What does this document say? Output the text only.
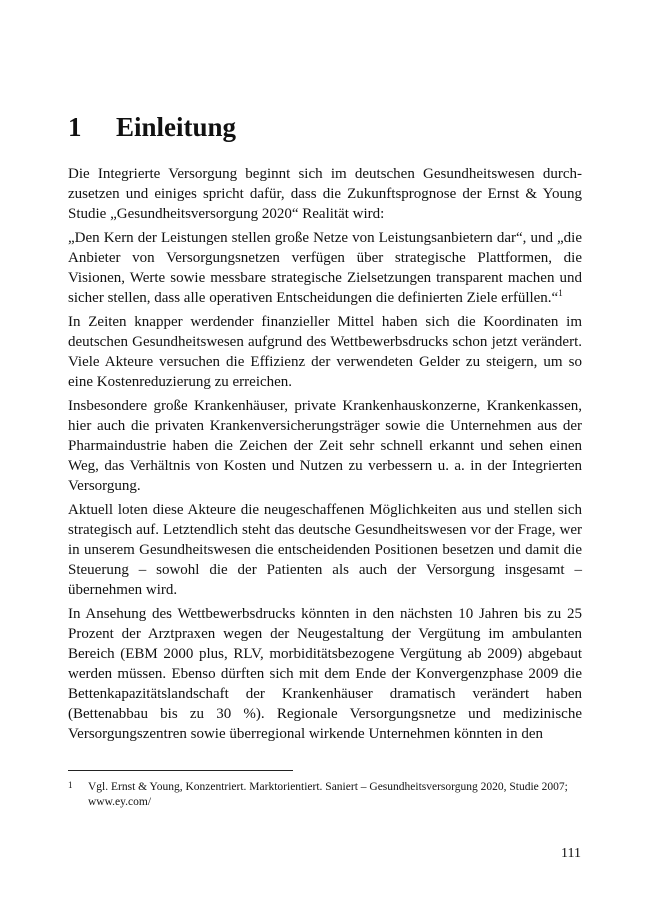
1 Einleitung

Die Integrierte Versorgung beginnt sich im deutschen Gesundheitswesen durchzusetzen und einiges spricht dafür, dass die Zukunftsprognose der Ernst & Young Studie „Gesundheitsversorgung 2020“ Realität wird:

„Den Kern der Leistungen stellen große Netze von Leistungsanbietern dar“, und „die Anbieter von Versorgungsnetzen verfügen über strategische Plattformen, die Visionen, Werte sowie messbare strategische Zielsetzungen transparent machen und sicher stellen, dass alle operativen Entscheidungen die definierten Ziele erfüllen.“$^1$

In Zeiten knapper werdender finanzieller Mittel haben sich die Koordinaten im deutschen Gesundheitswesen aufgrund des Wettbewerbsdrucks schon jetzt verändert. Viele Akteure versuchen die Effizienz der verwendeten Gelder zu steigern, um so eine Kostenreduzierung zu erreichen.

Insbesondere große Krankenhäuser, private Krankenhauskonzerne, Krankenkassen, hier auch die privaten Krankenversicherungsträger sowie die Unternehmen aus der Pharmaindustrie haben die Zeichen der Zeit sehr schnell erkannt und sehen einen Weg, das Verhältnis von Kosten und Nutzen zu verbessern u. a. in der Integrierten Versorgung.

Aktuell loten diese Akteure die neugeschaffenen Möglichkeiten aus und stellen sich strategisch auf. Letztendlich steht das deutsche Gesundheitswesen vor der Frage, wer in unserem Gesundheitswesen die entscheidenden Positionen besetzen und damit die Steuerung – sowohl die der Patienten als auch der Versorgung insgesamt – übernehmen wird.

In Ansehung des Wettbewerbsdrucks könnten in den nächsten 10 Jahren bis zu 25 Prozent der Arztpraxen wegen der Neugestaltung der Vergütung im ambulanten Bereich (EBM 2000 plus, RLV, morbiditätsbezogene Vergütung ab 2009) abgebaut werden müssen. Ebenso dürften sich mit dem Ende der Konvergenzphase 2009 die Bettenkapazitätslandschaft der Krankenhäuser dramatisch verändert haben (Bettenabbau bis zu 30 %). Regionale Versorgungsnetze und medizinische Versorgungszentren sowie überregional wirkende Unternehmen könnten in den

1 Vgl. Ernst & Young, Konzentriert. Marktorientiert. Saniert – Gesundheitsversorgung 2020, Studie 2007; www.ey.com/
111
